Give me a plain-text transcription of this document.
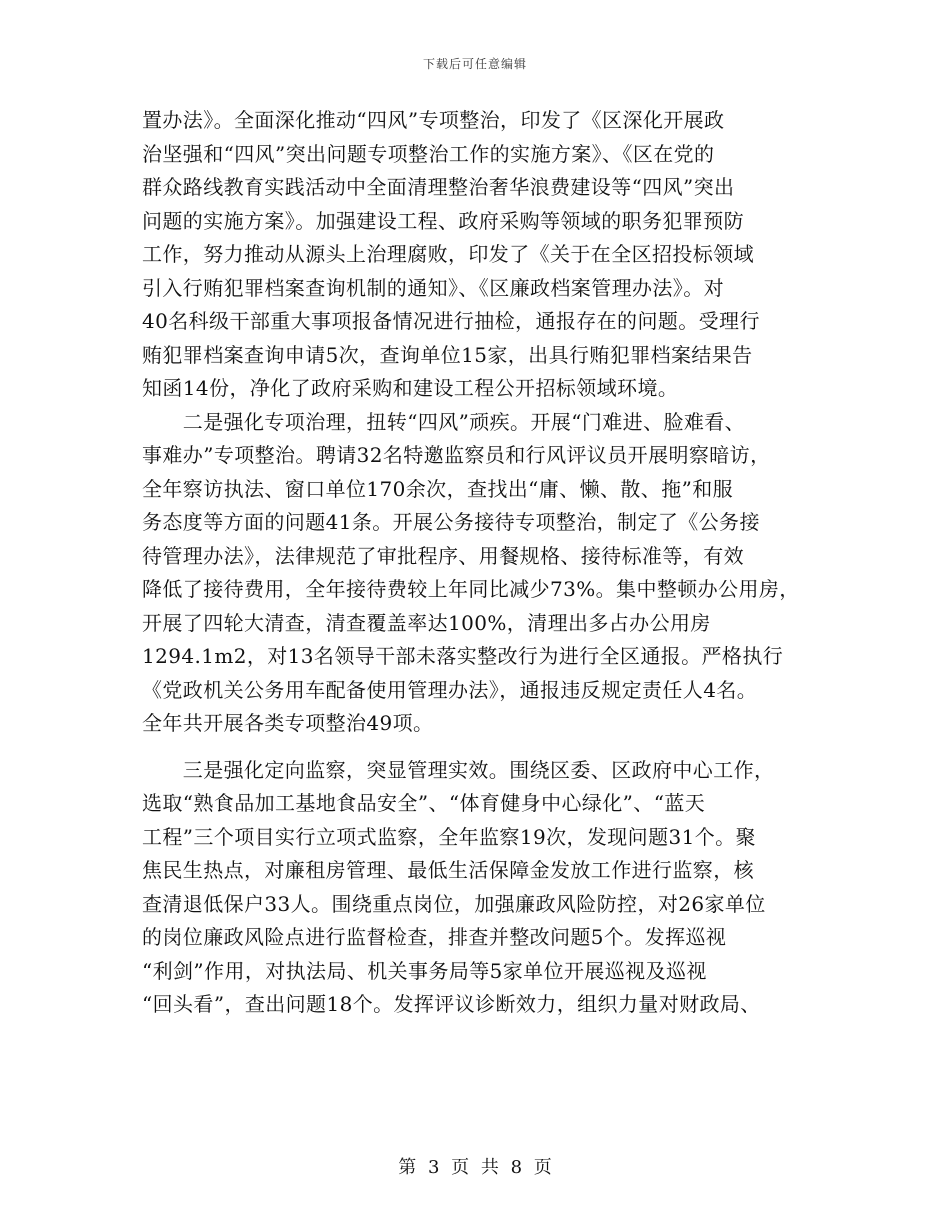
下载后可任意编辑
置办法》。全面深化推动“四风”专项整治，印发了《区深化开展政
治坚强和“四风”突出问题专项整治工作的实施方案》、《区在党的
群众路线教育实践活动中全面清理整治奢华浪费建设等“四风”突出
问题的实施方案》。加强建设工程、政府采购等领域的职务犯罪预防
工作，努力推动从源头上治理腐败，印发了《关于在全区招投标领域
引入行贿犯罪档案查询机制的通知》、《区廉政档案管理办法》。对
40名科级干部重大事项报备情况进行抽检，通报存在的问题。受理行
贿犯罪档案查询申请5次，查询单位15家，出具行贿犯罪档案结果告
知函14份，净化了政府采购和建设工程公开招标领域环境。
　　二是强化专项治理，扭转“四风”顽疾。开展“门难进、脸难看、
事难办”专项整治。聘请32名特邀监察员和行风评议员开展明察暗访，
全年察访执法、窗口单位170余次，查找出“庸、懒、散、拖”和服
务态度等方面的问题41条。开展公务接待专项整治，制定了《公务接
待管理办法》，法律规范了审批程序、用餐规格、接待标准等，有效
降低了接待费用，全年接待费较上年同比减少73%。集中整顿办公用房，
开展了四轮大清查，清查覆盖率达100%，清理出多占办公用房
1294.1m2，对13名领导干部未落实整改行为进行全区通报。严格执行
《党政机关公务用车配备使用管理办法》，通报违反规定责任人4名。
全年共开展各类专项整治49项。
　　三是强化定向监察，突显管理实效。围绕区委、区政府中心工作，
选取“熟食品加工基地食品安全”、“体育健身中心绿化”、“蓝天
工程”三个项目实行立项式监察，全年监察19次，发现问题31个。聚
焦民生热点，对廉租房管理、最低生活保障金发放工作进行监察，核
查清退低保户33人。围绕重点岗位，加强廉政风险防控，对26家单位
的岗位廉政风险点进行监督检查，排查并整改问题5个。发挥巡视
“利剑”作用，对执法局、机关事务局等5家单位开展巡视及巡视
“回头看”，查出问题18个。发挥评议诊断效力，组织力量对财政局、
第 3 页 共 8 页
